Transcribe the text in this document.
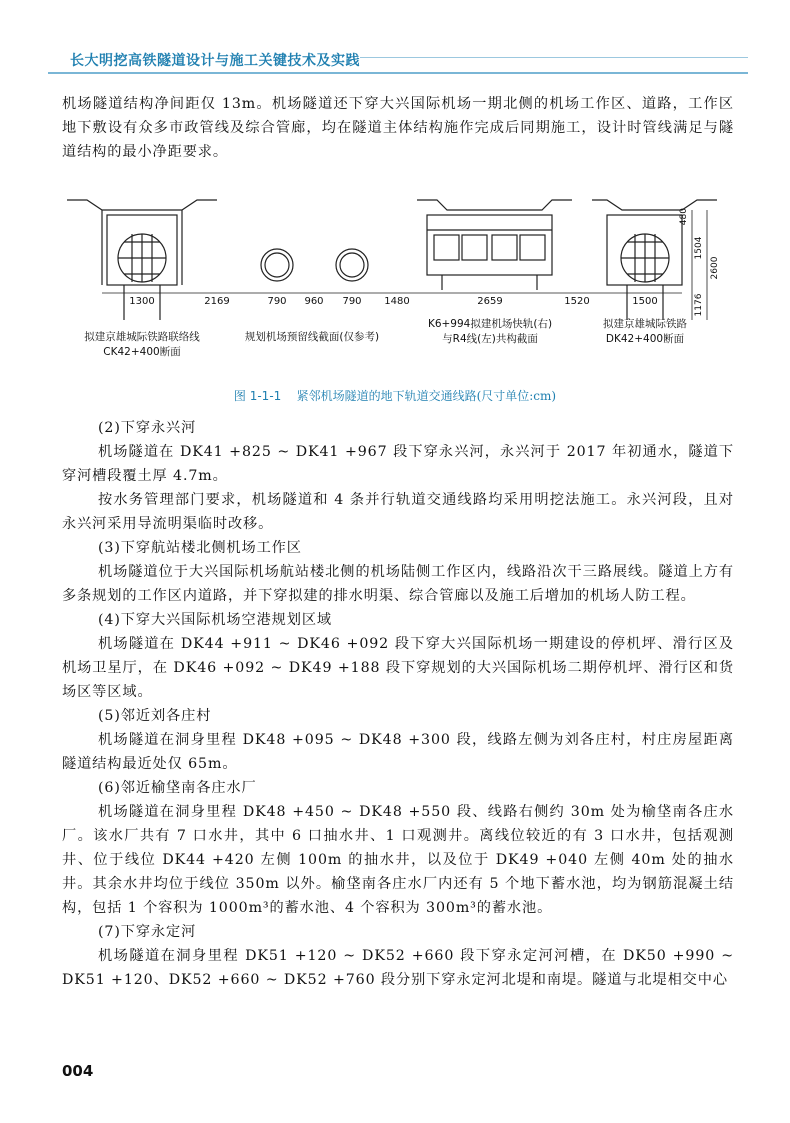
长大明挖高铁隧道设计与施工关键技术及实践

机场隧道结构净间距仅 13m。机场隧道还下穿大兴国际机场一期北侧的机场工作区、道路，工作区地下敷设有众多市政管线及综合管廊，均在隧道主体结构施作完成后同期施工，设计时管线满足与隧道结构的最小净距要求。

1300	2169	790 960 790 1480	2659	1520	1500
480
1504
1176
2600
拟建京雄城际铁路联络线
CK42+400断面
规划机场预留线截面(仅参考)
K6+994拟建机场快轨(右)
与R4线(左)共构截面
拟建京雄城际铁路
DK42+400断面
图 1-1-1 紧邻机场隧道的地下轨道交通线路(尺寸单位:cm)

(2)下穿永兴河

机场隧道在 DK41 +825 ~ DK41 +967 段下穿永兴河，永兴河于 2017 年初通水，隧道下穿河槽段覆土厚 4.7m。

按水务管理部门要求，机场隧道和 4 条并行轨道交通线路均采用明挖法施工。永兴河段，且对永兴河采用导流明渠临时改移。

(3)下穿航站楼北侧机场工作区

机场隧道位于大兴国际机场航站楼北侧的机场陆侧工作区内，线路沿次干三路展线。隧道上方有多条规划的工作区内道路，并下穿拟建的排水明渠、综合管廊以及施工后增加的机场人防工程。

(4)下穿大兴国际机场空港规划区域

机场隧道在 DK44 +911 ~ DK46 +092 段下穿大兴国际机场一期建设的停机坪、滑行区及机场卫星厅，在 DK46 +092 ~ DK49 +188 段下穿规划的大兴国际机场二期停机坪、滑行区和货场区等区域。

(5)邻近刘各庄村

机场隧道在洞身里程 DK48 +095 ~ DK48 +300 段，线路左侧为刘各庄村，村庄房屋距离隧道结构最近处仅 65m。

(6)邻近榆垡南各庄水厂

机场隧道在洞身里程 DK48 +450 ~ DK48 +550 段、线路右侧约 30m 处为榆垡南各庄水厂。该水厂共有 7 口水井，其中 6 口抽水井、1 口观测井。离线位较近的有 3 口水井，包括观测井、位于线位 DK44 +420 左侧 100m 的抽水井，以及位于 DK49 +040 左侧 40m 处的抽水井。其余水井均位于线位 350m 以外。榆垡南各庄水厂内还有 5 个地下蓄水池，均为钢筋混凝土结构，包括 1 个容积为 1000m³的蓄水池、4 个容积为 300m³的蓄水池。

(7)下穿永定河

机场隧道在洞身里程 DK51 +120 ~ DK52 +660 段下穿永定河河槽，在 DK50 +990 ~ DK51 +120、DK52 +660 ~ DK52 +760 段分别下穿永定河北堤和南堤。隧道与北堤相交中心

004
